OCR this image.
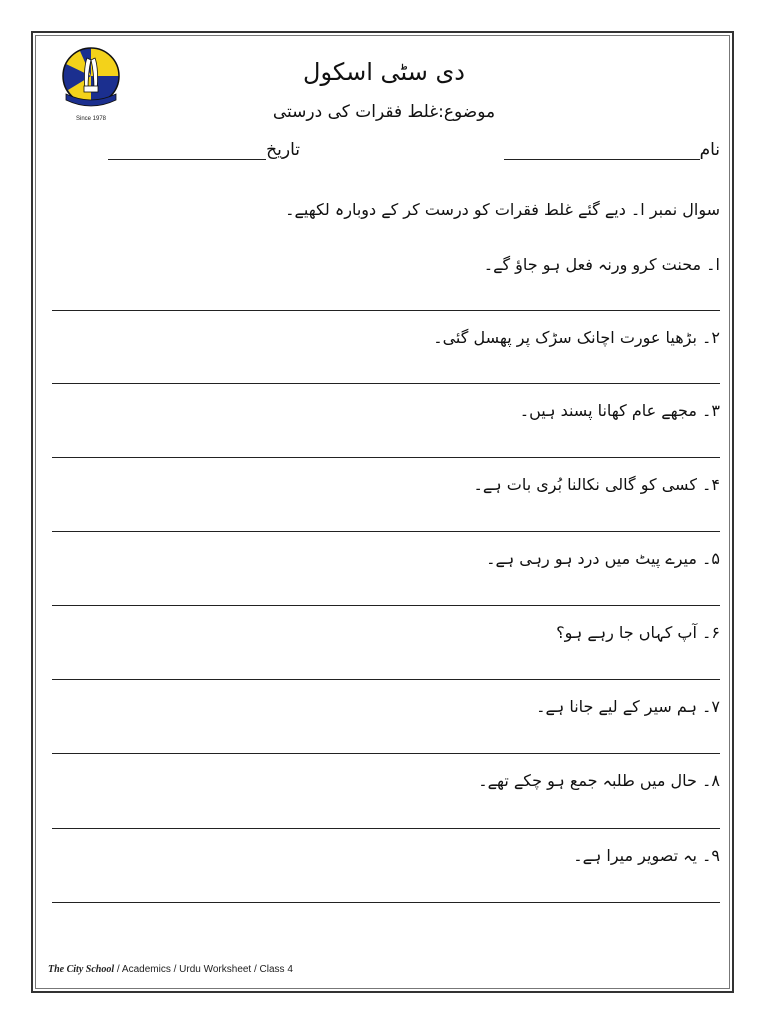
Since 1978
دی سٹی اسکول
موضوع:غلط فقرات کی درستی
نام
تاریخ
سوال نمبر ا۔ دیے گئے غلط فقرات کو درست کر کے دوبارہ لکھیے۔
ا۔ محنت کرو ورنہ فعل ہو جاؤ گے۔
۲۔ بڑھیا عورت اچانک سڑک پر پھسل گئی۔
۳۔ مجھے عام کھانا پسند ہیں۔
۴۔ کسی کو گالی نکالنا بُری بات ہے۔
۵۔ میرے پیٹ میں درد ہو رہی ہے۔
۶۔ آپ کہاں جا رہے ہو؟
۷۔ ہم سیر کے لیے جانا ہے۔
۸۔ حال میں طلبہ جمع ہو چکے تھے۔
۹۔ یہ تصویر میرا ہے۔
The City School / Academics / Urdu Worksheet / Class 4
